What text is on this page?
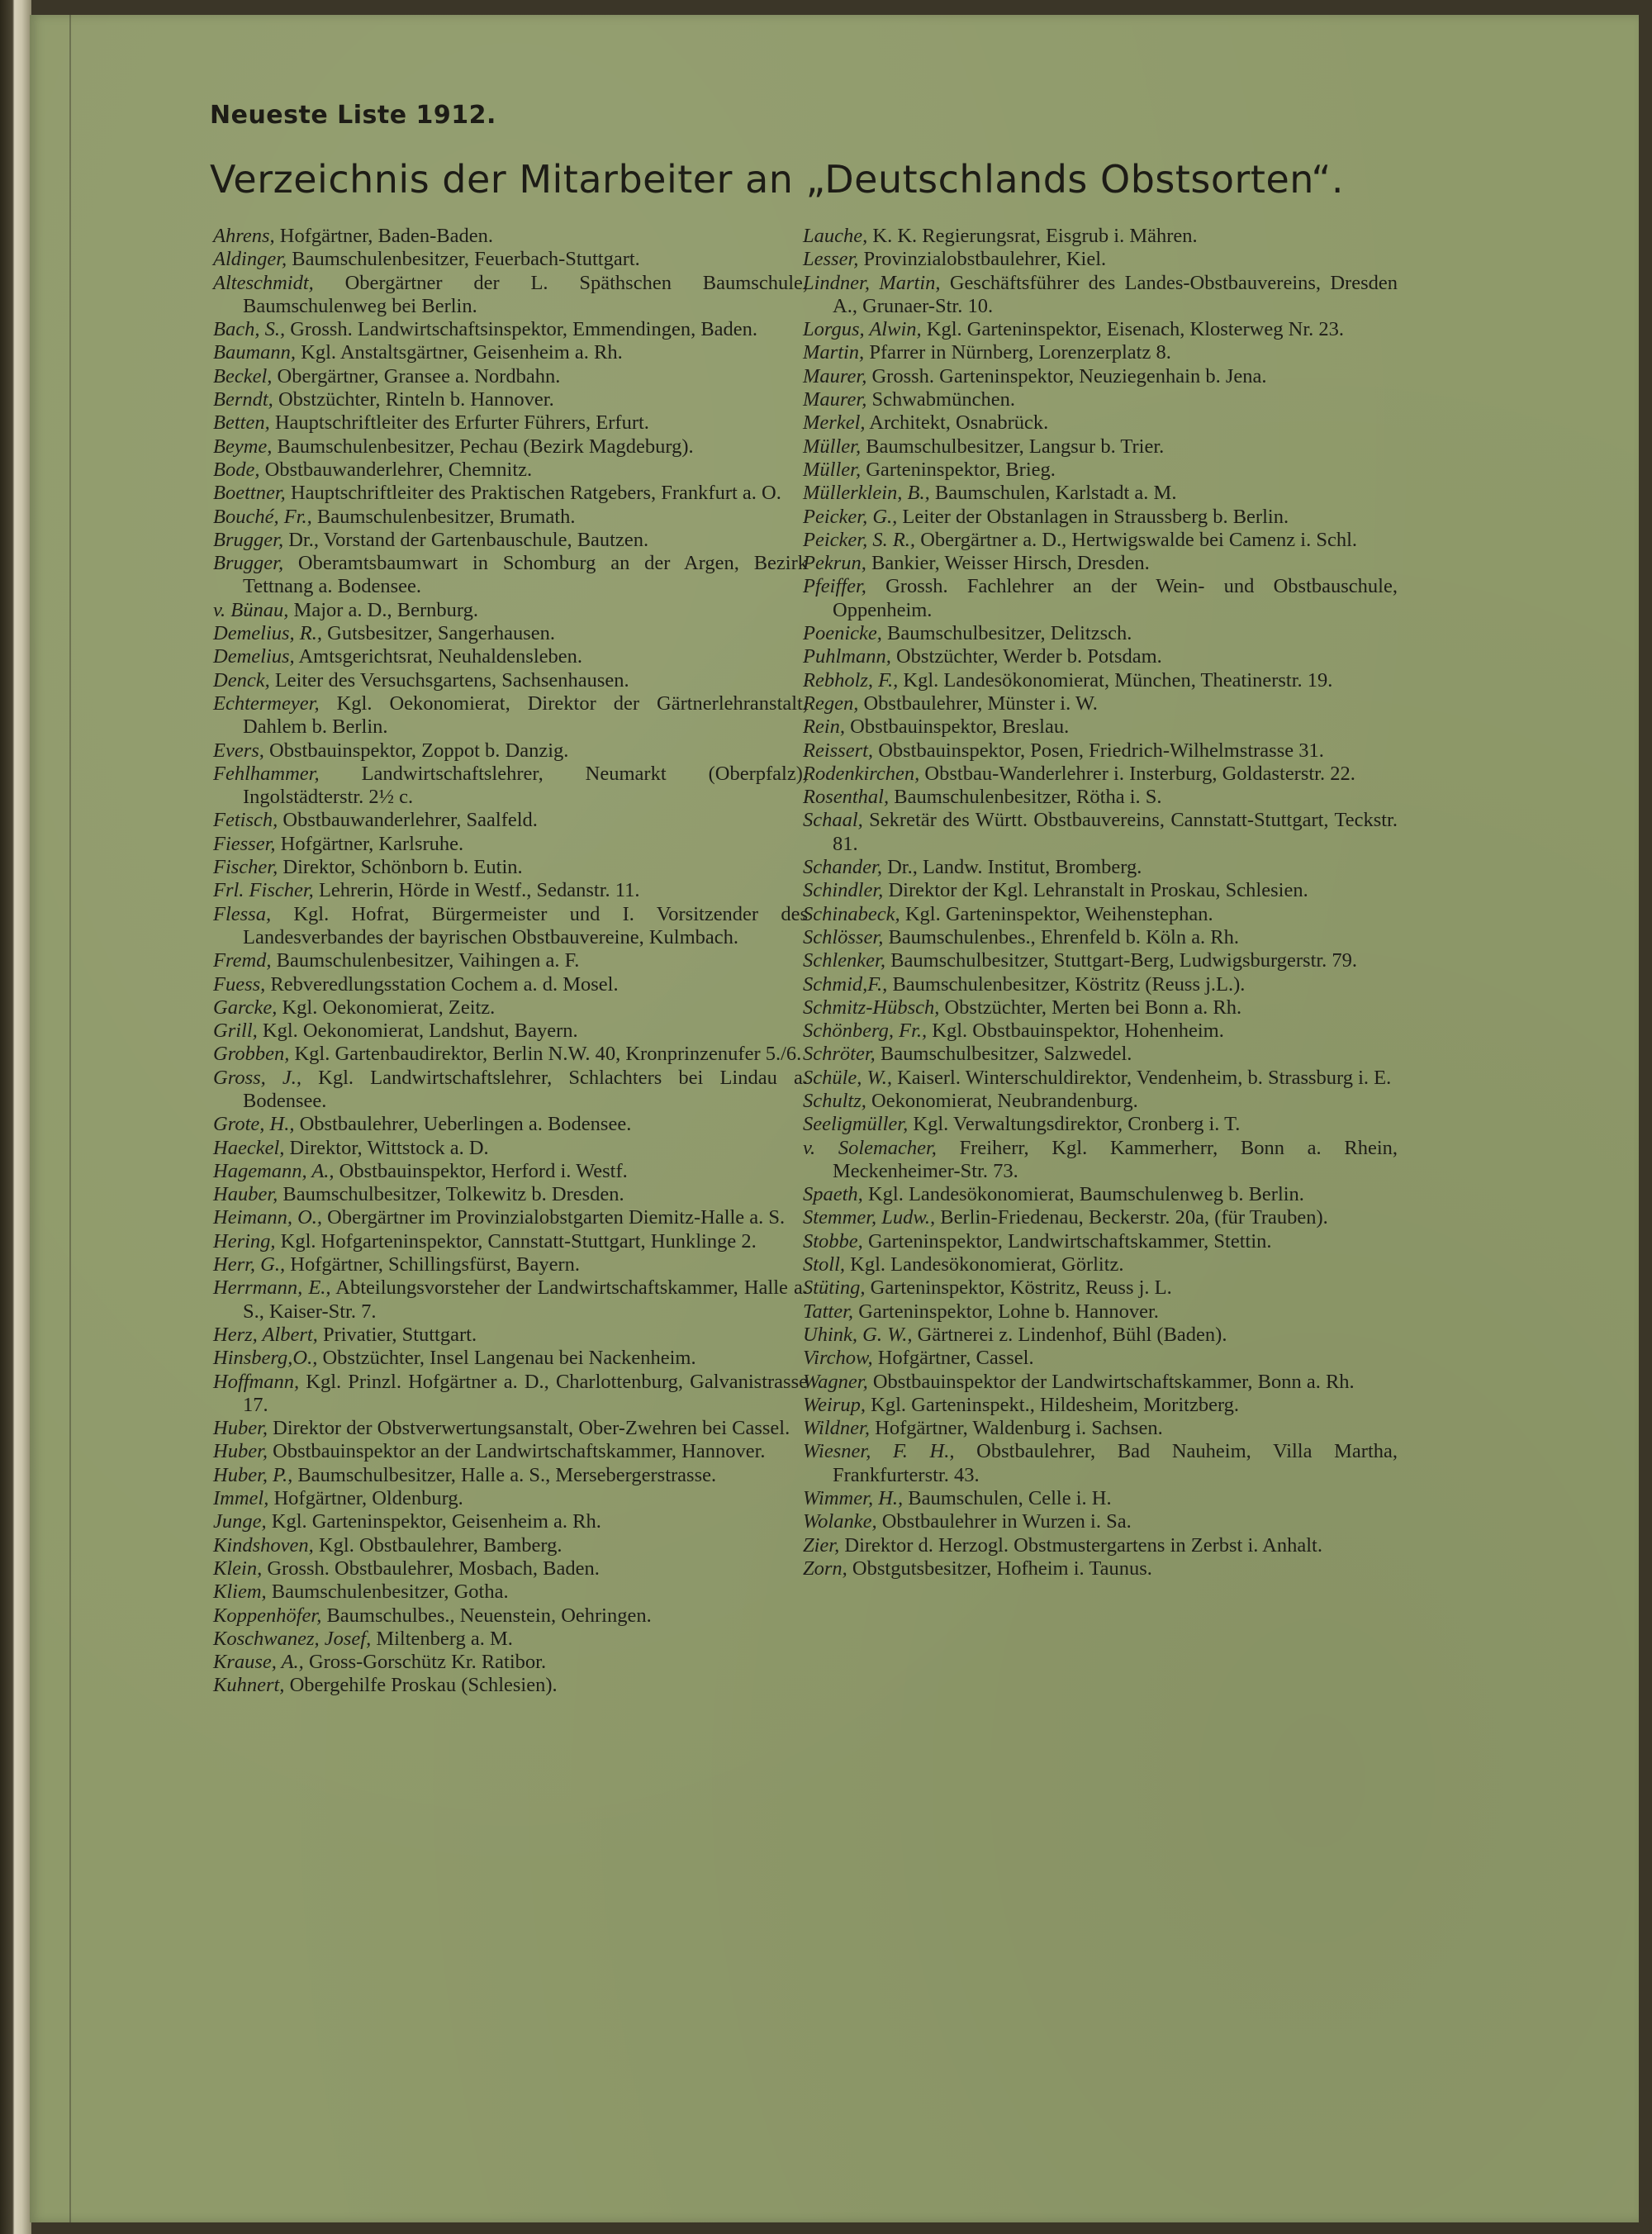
Neueste Liste 1912.
Verzeichnis der Mitarbeiter an „Deutschlands Obstsorten“.

Ahrens, Hofgärtner, Baden-Baden.

Aldinger, Baumschulenbesitzer, Feuerbach-Stuttgart.

Alteschmidt, Obergärtner der L. Späthschen Baumschule, Baumschulenweg bei Berlin.

Bach, S., Grossh. Landwirtschaftsinspektor, Emmendingen, Baden.

Baumann, Kgl. Anstaltsgärtner, Geisenheim a. Rh.

Beckel, Obergärtner, Gransee a. Nordbahn.

Berndt, Obstzüchter, Rinteln b. Hannover.

Betten, Hauptschriftleiter des Erfurter Führers, Erfurt.

Beyme, Baumschulenbesitzer, Pechau (Bezirk Magdeburg).

Bode, Obstbauwanderlehrer, Chemnitz.

Boettner, Hauptschriftleiter des Praktischen Ratgebers, Frankfurt a. O.

Bouché, Fr., Baumschulenbesitzer, Brumath.

Brugger, Dr., Vorstand der Gartenbauschule, Bautzen.

Brugger, Oberamtsbaumwart in Schomburg an der Argen, Bezirk Tettnang a. Bodensee.

v. Bünau, Major a. D., Bernburg.

Demelius, R., Gutsbesitzer, Sangerhausen.

Demelius, Amtsgerichtsrat, Neuhaldensleben.

Denck, Leiter des Versuchsgartens, Sachsenhausen.

Echtermeyer, Kgl. Oekonomierat, Direktor der Gärtnerlehranstalt, Dahlem b. Berlin.

Evers, Obstbauinspektor, Zoppot b. Danzig.

Fehlhammer, Landwirtschaftslehrer, Neumarkt (Oberpfalz), Ingolstädterstr. 2½ c.

Fetisch, Obstbauwanderlehrer, Saalfeld.

Fiesser, Hofgärtner, Karlsruhe.

Fischer, Direktor, Schönborn b. Eutin.

Frl. Fischer, Lehrerin, Hörde in Westf., Sedanstr. 11.

Flessa, Kgl. Hofrat, Bürgermeister und I. Vorsitzender des Landesverbandes der bayrischen Obstbauvereine, Kulmbach.

Fremd, Baumschulenbesitzer, Vaihingen a. F.

Fuess, Rebveredlungsstation Cochem a. d. Mosel.

Garcke, Kgl. Oekonomierat, Zeitz.

Grill, Kgl. Oekonomierat, Landshut, Bayern.

Grobben, Kgl. Gartenbaudirektor, Berlin N.W. 40, Kronprinzenufer 5./6.

Gross, J., Kgl. Landwirtschaftslehrer, Schlachters bei Lindau a. Bodensee.

Grote, H., Obstbaulehrer, Ueberlingen a. Bodensee.

Haeckel, Direktor, Wittstock a. D.

Hagemann, A., Obstbauinspektor, Herford i. Westf.

Hauber, Baumschulbesitzer, Tolkewitz b. Dresden.

Heimann, O., Obergärtner im Provinzialobstgarten Diemitz-Halle a. S.

Hering, Kgl. Hofgarteninspektor, Cannstatt-Stuttgart, Hunklinge 2.

Herr, G., Hofgärtner, Schillingsfürst, Bayern.

Herrmann, E., Abteilungsvorsteher der Landwirtschaftskammer, Halle a. S., Kaiser-Str. 7.

Herz, Albert, Privatier, Stuttgart.

Hinsberg,O., Obstzüchter, Insel Langenau bei Nackenheim.

Hoffmann, Kgl. Prinzl. Hofgärtner a. D., Charlottenburg, Galvanistrasse 17.

Huber, Direktor der Obstverwertungsanstalt, Ober-Zwehren bei Cassel.

Huber, Obstbauinspektor an der Landwirtschaftskammer, Hannover.

Huber, P., Baumschulbesitzer, Halle a. S., Mersebergerstrasse.

Immel, Hofgärtner, Oldenburg.

Junge, Kgl. Garteninspektor, Geisenheim a. Rh.

Kindshoven, Kgl. Obstbaulehrer, Bamberg.

Klein, Grossh. Obstbaulehrer, Mosbach, Baden.

Kliem, Baumschulenbesitzer, Gotha.

Koppenhöfer, Baumschulbes., Neuenstein, Oehringen.

Koschwanez, Josef, Miltenberg a. M.

Krause, A., Gross-Gorschütz Kr. Ratibor.

Kuhnert, Obergehilfe Proskau (Schlesien).

Lauche, K. K. Regierungsrat, Eisgrub i. Mähren.

Lesser, Provinzialobstbaulehrer, Kiel.

Lindner, Martin, Geschäftsführer des Landes-Obstbauvereins, Dresden A., Grunaer-Str. 10.

Lorgus, Alwin, Kgl. Garteninspektor, Eisenach, Klosterweg Nr. 23.

Martin, Pfarrer in Nürnberg, Lorenzerplatz 8.

Maurer, Grossh. Garteninspektor, Neuziegenhain b. Jena.

Maurer, Schwabmünchen.

Merkel, Architekt, Osnabrück.

Müller, Baumschulbesitzer, Langsur b. Trier.

Müller, Garteninspektor, Brieg.

Müllerklein, B., Baumschulen, Karlstadt a. M.

Peicker, G., Leiter der Obstanlagen in Straussberg b. Berlin.

Peicker, S. R., Obergärtner a. D., Hertwigswalde bei Camenz i. Schl.

Pekrun, Bankier, Weisser Hirsch, Dresden.

Pfeiffer, Grossh. Fachlehrer an der Wein- und Obstbauschule, Oppenheim.

Poenicke, Baumschulbesitzer, Delitzsch.

Puhlmann, Obstzüchter, Werder b. Potsdam.

Rebholz, F., Kgl. Landesökonomierat, München, Theatinerstr. 19.

Regen, Obstbaulehrer, Münster i. W.

Rein, Obstbauinspektor, Breslau.

Reissert, Obstbauinspektor, Posen, Friedrich-Wilhelmstrasse 31.

Rodenkirchen, Obstbau-Wanderlehrer i. Insterburg, Goldasterstr. 22.

Rosenthal, Baumschulenbesitzer, Rötha i. S.

Schaal, Sekretär des Württ. Obstbauvereins, Cannstatt-Stuttgart, Teckstr. 81.

Schander, Dr., Landw. Institut, Bromberg.

Schindler, Direktor der Kgl. Lehranstalt in Proskau, Schlesien.

Schinabeck, Kgl. Garteninspektor, Weihenstephan.

Schlösser, Baumschulenbes., Ehrenfeld b. Köln a. Rh.

Schlenker, Baumschulbesitzer, Stuttgart-Berg, Ludwigsburgerstr. 79.

Schmid,F., Baumschulenbesitzer, Köstritz (Reuss j.L.).

Schmitz-Hübsch, Obstzüchter, Merten bei Bonn a. Rh.

Schönberg, Fr., Kgl. Obstbauinspektor, Hohenheim.

Schröter, Baumschulbesitzer, Salzwedel.

Schüle, W., Kaiserl. Winterschuldirektor, Vendenheim, b. Strassburg i. E.

Schultz, Oekonomierat, Neubrandenburg.

Seeligmüller, Kgl. Verwaltungsdirektor, Cronberg i. T.

v. Solemacher, Freiherr, Kgl. Kammerherr, Bonn a. Rhein, Meckenheimer-Str. 73.

Spaeth, Kgl. Landesökonomierat, Baumschulenweg b. Berlin.

Stemmer, Ludw., Berlin-Friedenau, Beckerstr. 20a, (für Trauben).

Stobbe, Garteninspektor, Landwirtschaftskammer, Stettin.

Stoll, Kgl. Landesökonomierat, Görlitz.

Stüting, Garteninspektor, Köstritz, Reuss j. L.

Tatter, Garteninspektor, Lohne b. Hannover.

Uhink, G. W., Gärtnerei z. Lindenhof, Bühl (Baden).

Virchow, Hofgärtner, Cassel.

Wagner, Obstbauinspektor der Landwirtschaftskammer, Bonn a. Rh.

Weirup, Kgl. Garteninspekt., Hildesheim, Moritzberg.

Wildner, Hofgärtner, Waldenburg i. Sachsen.

Wiesner, F. H., Obstbaulehrer, Bad Nauheim, Villa Martha, Frankfurterstr. 43.

Wimmer, H., Baumschulen, Celle i. H.

Wolanke, Obstbaulehrer in Wurzen i. Sa.

Zier, Direktor d. Herzogl. Obstmustergartens in Zerbst i. Anhalt.

Zorn, Obstgutsbesitzer, Hofheim i. Taunus.
